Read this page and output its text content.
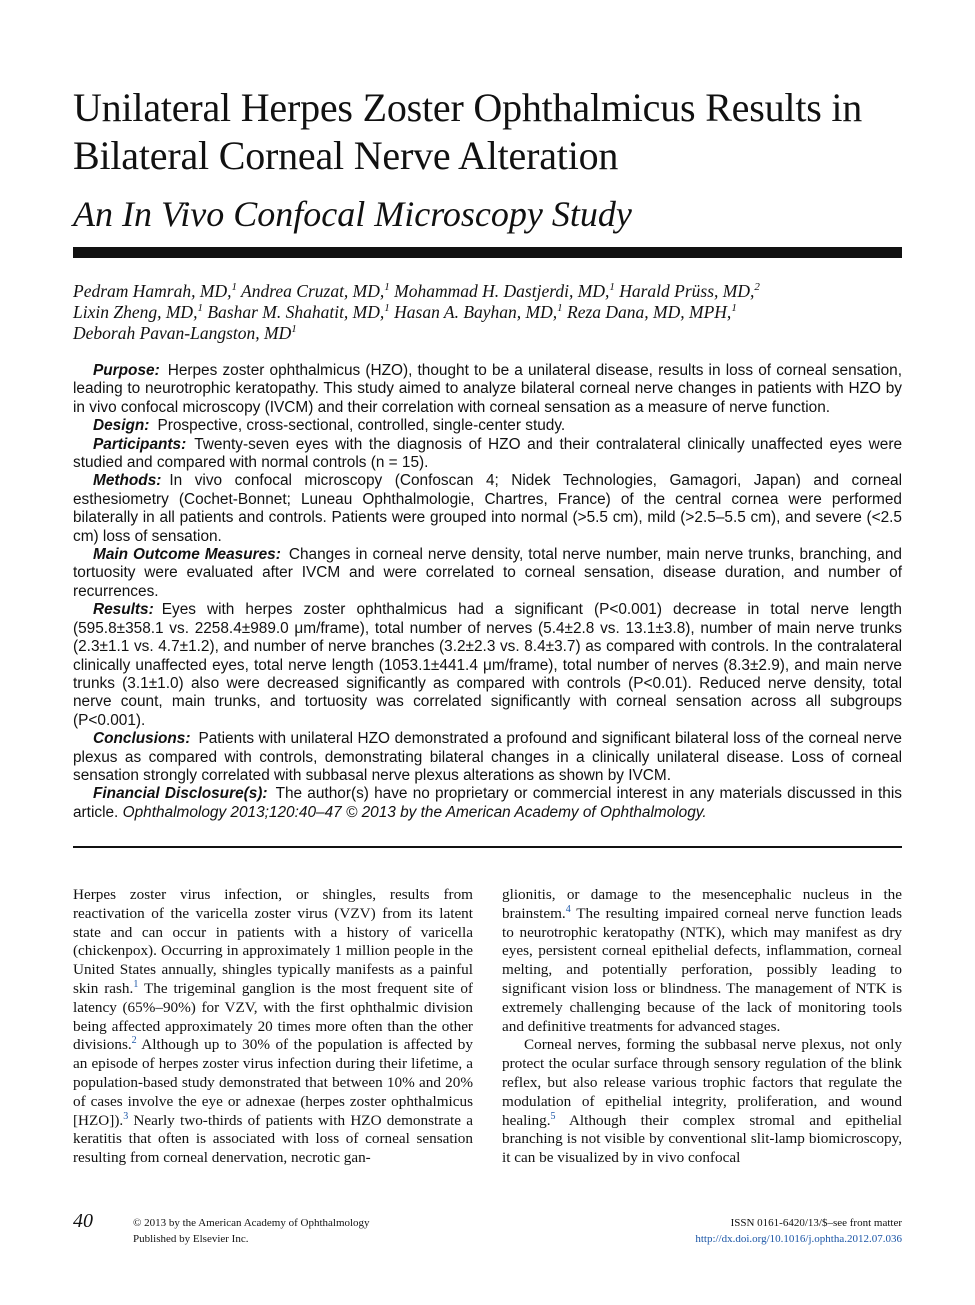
Unilateral Herpes Zoster Ophthalmicus Results in Bilateral Corneal Nerve Alteration
An In Vivo Confocal Microscopy Study
Pedram Hamrah, MD,$^1$ Andrea Cruzat, MD,$^1$ Mohammad H. Dastjerdi, MD,$^1$ Harald Prüss, MD,$^2$
Lixin Zheng, MD,$^1$ Bashar M. Shahatit, MD,$^1$ Hasan A. Bayhan, MD,$^1$ Reza Dana, MD, MPH,$^1$
Deborah Pavan-Langston, $MD^1$

Purpose: Herpes zoster ophthalmicus (HZO), thought to be a unilateral disease, results in loss of corneal sensation, leading to neurotrophic keratopathy. This study aimed to analyze bilateral corneal nerve changes in patients with HZO by in vivo confocal microscopy (IVCM) and their correlation with corneal sensation as a measure of nerve function.

Design: Prospective, cross-sectional, controlled, single-center study.

Participants: Twenty-seven eyes with the diagnosis of HZO and their contralateral clinically unaffected eyes were studied and compared with normal controls (n = 15).

Methods: In vivo confocal microscopy (Confoscan 4; Nidek Technologies, Gamagori, Japan) and corneal esthesiometry (Cochet-Bonnet; Luneau Ophthalmologie, Chartres, France) of the central cornea were performed bilaterally in all patients and controls. Patients were grouped into normal (>5.5 cm), mild (>2.5–5.5 cm), and severe (<2.5 cm) loss of sensation.

Main Outcome Measures: Changes in corneal nerve density, total nerve number, main nerve trunks, branching, and tortuosity were evaluated after IVCM and were correlated to corneal sensation, disease duration, and number of recurrences.

Results: Eyes with herpes zoster ophthalmicus had a significant (P<0.001) decrease in total nerve length (595.8±358.1 vs. 2258.4±989.0 μm/frame), total number of nerves (5.4±2.8 vs. 13.1±3.8), number of main nerve trunks (2.3±1.1 vs. 4.7±1.2), and number of nerve branches (3.2±2.3 vs. 8.4±3.7) as compared with controls. In the contralateral clinically unaffected eyes, total nerve length (1053.1±441.4 μm/frame), total number of nerves (8.3±2.9), and main nerve trunks (3.1±1.0) also were decreased significantly as compared with controls (P<0.01). Reduced nerve density, total nerve count, main trunks, and tortuosity was correlated significantly with corneal sensation across all subgroups (P<0.001).

Conclusions: Patients with unilateral HZO demonstrated a profound and significant bilateral loss of the corneal nerve plexus as compared with controls, demonstrating bilateral changes in a clinically unilateral disease. Loss of corneal sensation strongly correlated with subbasal nerve plexus alterations as shown by IVCM.

Financial Disclosure(s): The author(s) have no proprietary or commercial interest in any materials discussed in this article. Ophthalmology 2013;120:40–47 © 2013 by the American Academy of Ophthalmology.

Herpes zoster virus infection, or shingles, results from reactivation of the varicella zoster virus (VZV) from its latent state and can occur in patients with a history of varicella (chickenpox). Occurring in approximately 1 million people in the United States annually, shingles typically manifests as a painful skin rash.$^1$ The trigeminal ganglion is the most frequent site of latency (65%–90%) for VZV, with the first ophthalmic division being affected approximately 20 times more often than the other divisions.$^2$ Although up to 30% of the population is affected by an episode of herpes zoster virus infection during their lifetime, a population-based study demonstrated that between 10% and 20% of cases involve the eye or adnexae (herpes zoster ophthalmicus [HZO]).$^3$ Nearly two-thirds of patients with HZO demonstrate a keratitis that often is associated with loss of corneal sensation resulting from corneal denervation, necrotic gan-

glionitis, or damage to the mesencephalic nucleus in the brainstem.$^4$ The resulting impaired corneal nerve function leads to neurotrophic keratopathy (NTK), which may manifest as dry eyes, persistent corneal epithelial defects, inflammation, corneal melting, and potentially perforation, possibly leading to significant vision loss or blindness. The management of NTK is extremely challenging because of the lack of monitoring tools and definitive treatments for advanced stages.

Corneal nerves, forming the subbasal nerve plexus, not only protect the ocular surface through sensory regulation of the blink reflex, but also release various trophic factors that regulate the modulation of epithelial integrity, proliferation, and wound healing.$^5$ Although their complex stromal and epithelial branching is not visible by conventional slit-lamp biomicroscopy, it can be visualized by in vivo confocal

40	© 2013 by the American Academy of Ophthalmology
Published by Elsevier Inc.
ISSN 0161-6420/13/$–see front matter
http://dx.doi.org/10.1016/j.ophtha.2012.07.036
